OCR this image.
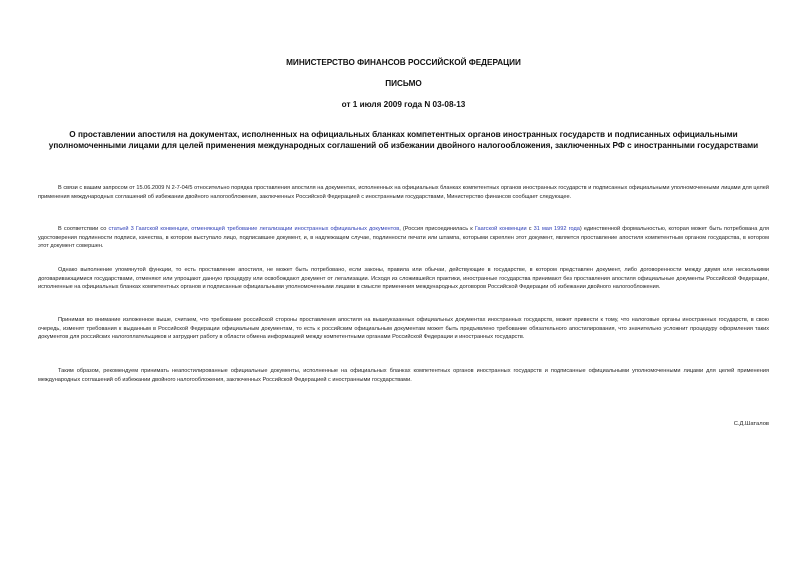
МИНИСТЕРСТВО ФИНАНСОВ РОССИЙСКОЙ ФЕДЕРАЦИИ
ПИСЬМО
от 1 июля 2009 года N 03-08-13
О проставлении апостиля на документах, исполненных на официальных бланках компетентных органов иностранных государств и подписанных официальными уполномоченными лицами для целей применения международных соглашений об избежании двойного налогообложения, заключенных РФ с иностранными государствами
В связи с вашим запросом от 15.06.2009 N 2-7-04/5 относительно порядка проставления апостиля на документах, исполненных на официальных бланках компетентных органов иностранных государств и подписанных официальными уполномоченными лицами для целей применения международных соглашений об избежании двойного налогообложения, заключенных Российской Федерацией с иностранными государствами, Министерство финансов сообщает следующее.
В соответствии со статьей 3 Гаагской конвенции, отменяющей требование легализации иностранных официальных документов, (Россия присоединилась к Гаагской конвенции с 31 мая 1992 года) единственной формальностью, которая может быть потребована для удостоверения подлинности подписи, качества, в котором выступало лицо, подписавшее документ, и, в надлежащем случае, подлинности печати или штампа, которыми скреплен этот документ, является проставление апостиля компетентным органом государства, в котором этот документ совершен.
Однако выполнение упомянутой функции, то есть проставление апостиля, не может быть потребовано, если законы, правила или обычаи, действующие в государстве, в котором представлен документ, либо договоренности между двумя или несколькими договаривающимися государствами, отменяют или упрощают данную процедуру или освобождают документ от легализации. Исходя из сложившейся практики, иностранные государства принимают без проставления апостиля официальные документы Российской Федерации, исполненные на официальных бланках компетентных органов и подписанные официальными уполномоченными лицами в смысле применения международных договоров Российской Федерации об избежании двойного налогообложения.
Принимая во внимание изложенное выше, считаем, что требование российской стороны проставления апостиля на вышеуказанных официальных документах иностранных государств, может привести к тому, что налоговые органы иностранных государств, в свою очередь, изменят требования к выданным в Российской Федерации официальным документам, то есть к российским официальным документам может быть предъявлено требование обязательного апостилирования, что значительно усложнит процедуру оформления таких документов для российских налогоплательщиков и затруднит работу в области обмена информацией между компетентными органами Российской Федерации и иностранных государств.
Таким образом, рекомендуем принимать неапостилированные официальные документы, исполненные на официальных бланках компетентных органов иностранных государств и подписанные официальными уполномоченными лицами для целей применения международных соглашений об избежании двойного налогообложения, заключенных Российской Федерацией с иностранными государствами.
С.Д.Шаталов
